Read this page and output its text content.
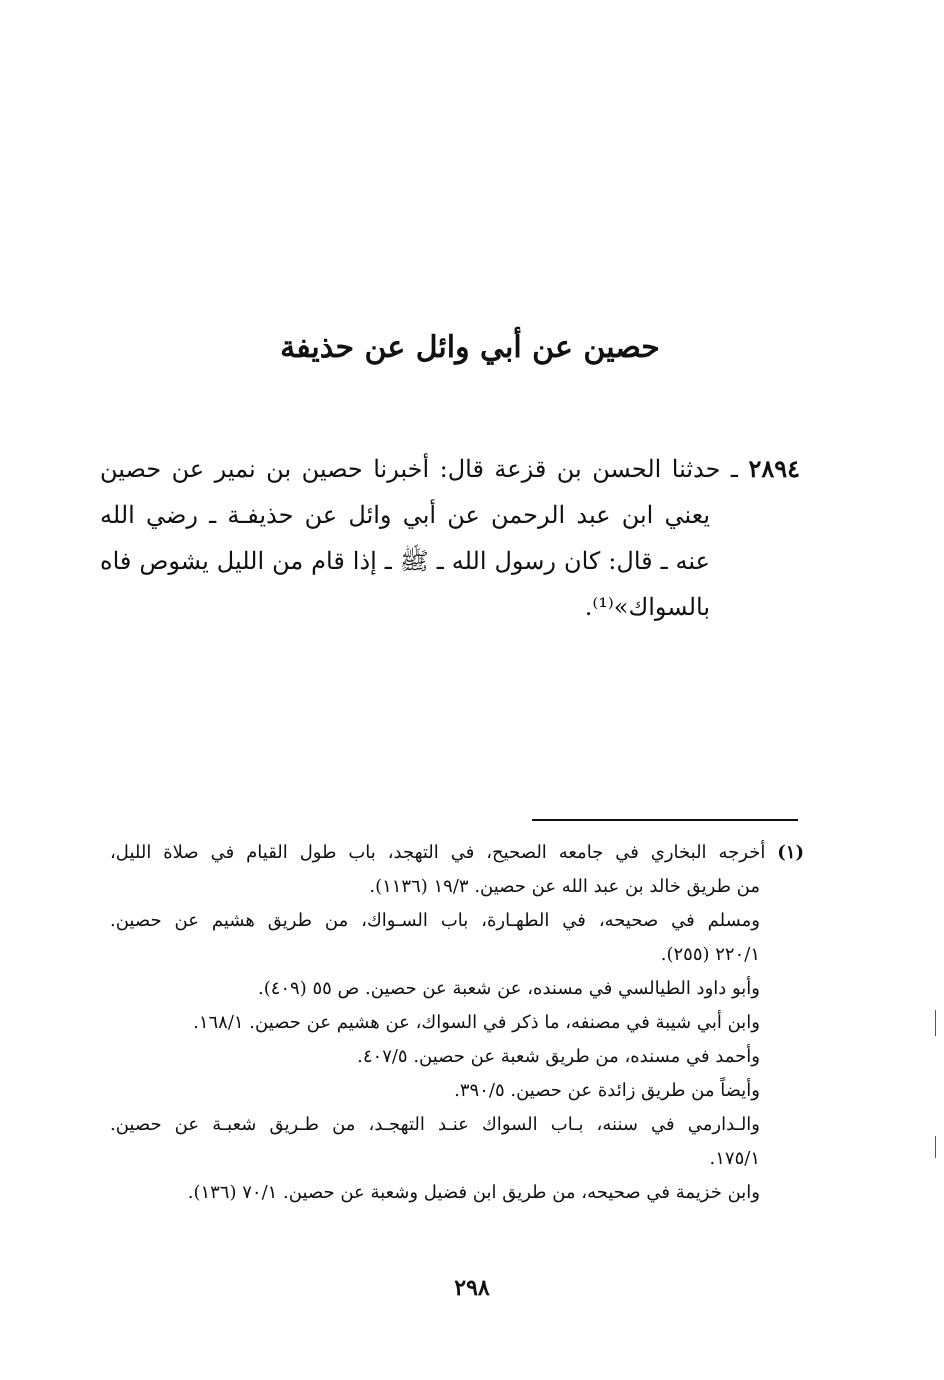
حصين عن أبي وائل عن حذيفة
٢٨٩٤ ـ حدثنا الحسن بن قزعة قال: أخبرنا حصين بن نمير عن حصين
يعني ابن عبد الرحمن عن أبي وائل عن حذيفـة ـ رضي الله
عنه ـ قال: كان رسول الله ـ ﷺ ـ إذا قام من الليل يشوص فاه
بالسواك»⁽¹⁾.
(١) أخرجه البخاري في جامعه الصحيح، في التهجد، باب طول القيام في صلاة الليل،
من طريق خالد بن عبد الله عن حصين. ١٩/٣ (١١٣٦).
ومسلم في صحيحه، في الطهـارة، باب السـواك، من طريق هشيم عن حصين.
٢٢٠/١ (٢٥٥).
وأبو داود الطيالسي في مسنده، عن شعبة عن حصين. ص ٥٥ (٤٠٩).
وابن أبي شيبة في مصنفه، ما ذكر في السواك، عن هشيم عن حصين. ١٦٨/١.
وأحمد في مسنده، من طريق شعبة عن حصين. ٤٠٧/٥.
وأيضاً من طريق زائدة عن حصين. ٣٩٠/٥.
والـدارمي في سننه، بـاب السواك عنـد التهجـد، من طـريق شعبـة عن حصين.
١٧٥/١.
وابن خزيمة في صحيحه، من طريق ابن فضيل وشعبة عن حصين. ٧٠/١ (١٣٦).
٢٩٨
